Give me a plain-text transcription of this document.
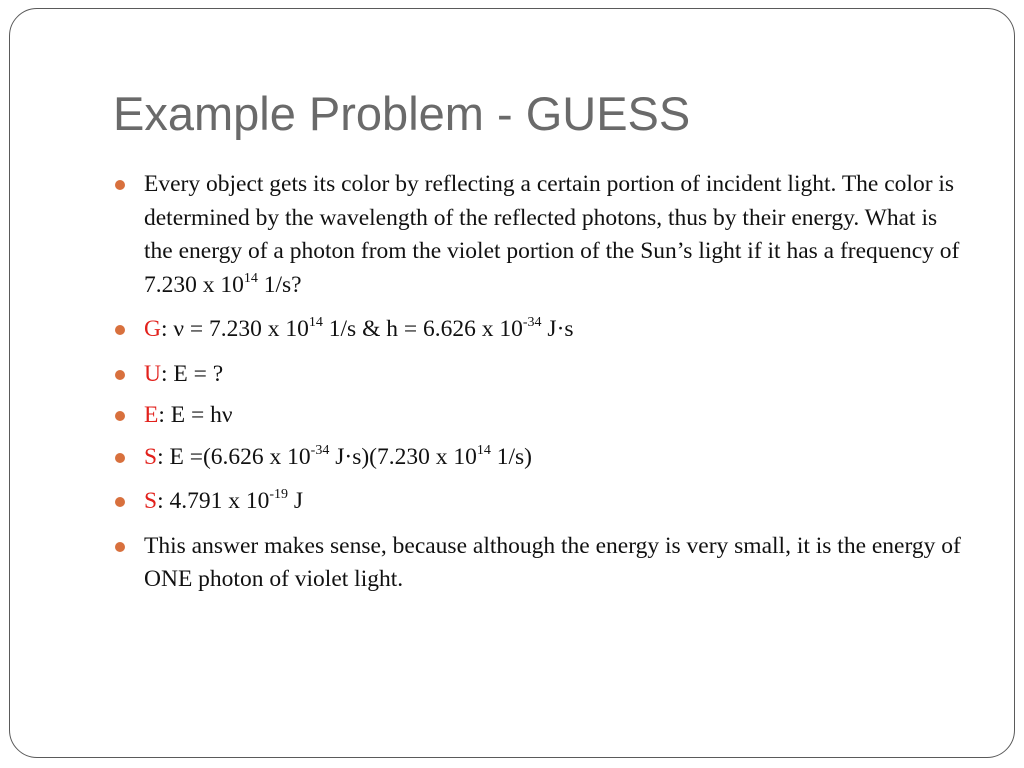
Example Problem - GUESS
Every object gets its color by reflecting a certain portion of incident light. The color is determined by the wavelength of the reflected photons, thus by their energy. What is the energy of a photon from the violet portion of the Sun’s light if it has a frequency of 7.230 x $10^{14}$ 1/s?
G: ν = 7.230 x $10^{14}$ 1/s & h = 6.626 x $10^{-34}$ J·s
U: E = ?
E: E = hν
S: E =(6.626 x $10^{-34}$ J·s)(7.230 x $10^{14}$ 1/s)
S: 4.791 x $10^{-19}$ J
This answer makes sense, because although the energy is very small, it is the energy of ONE photon of violet light.
